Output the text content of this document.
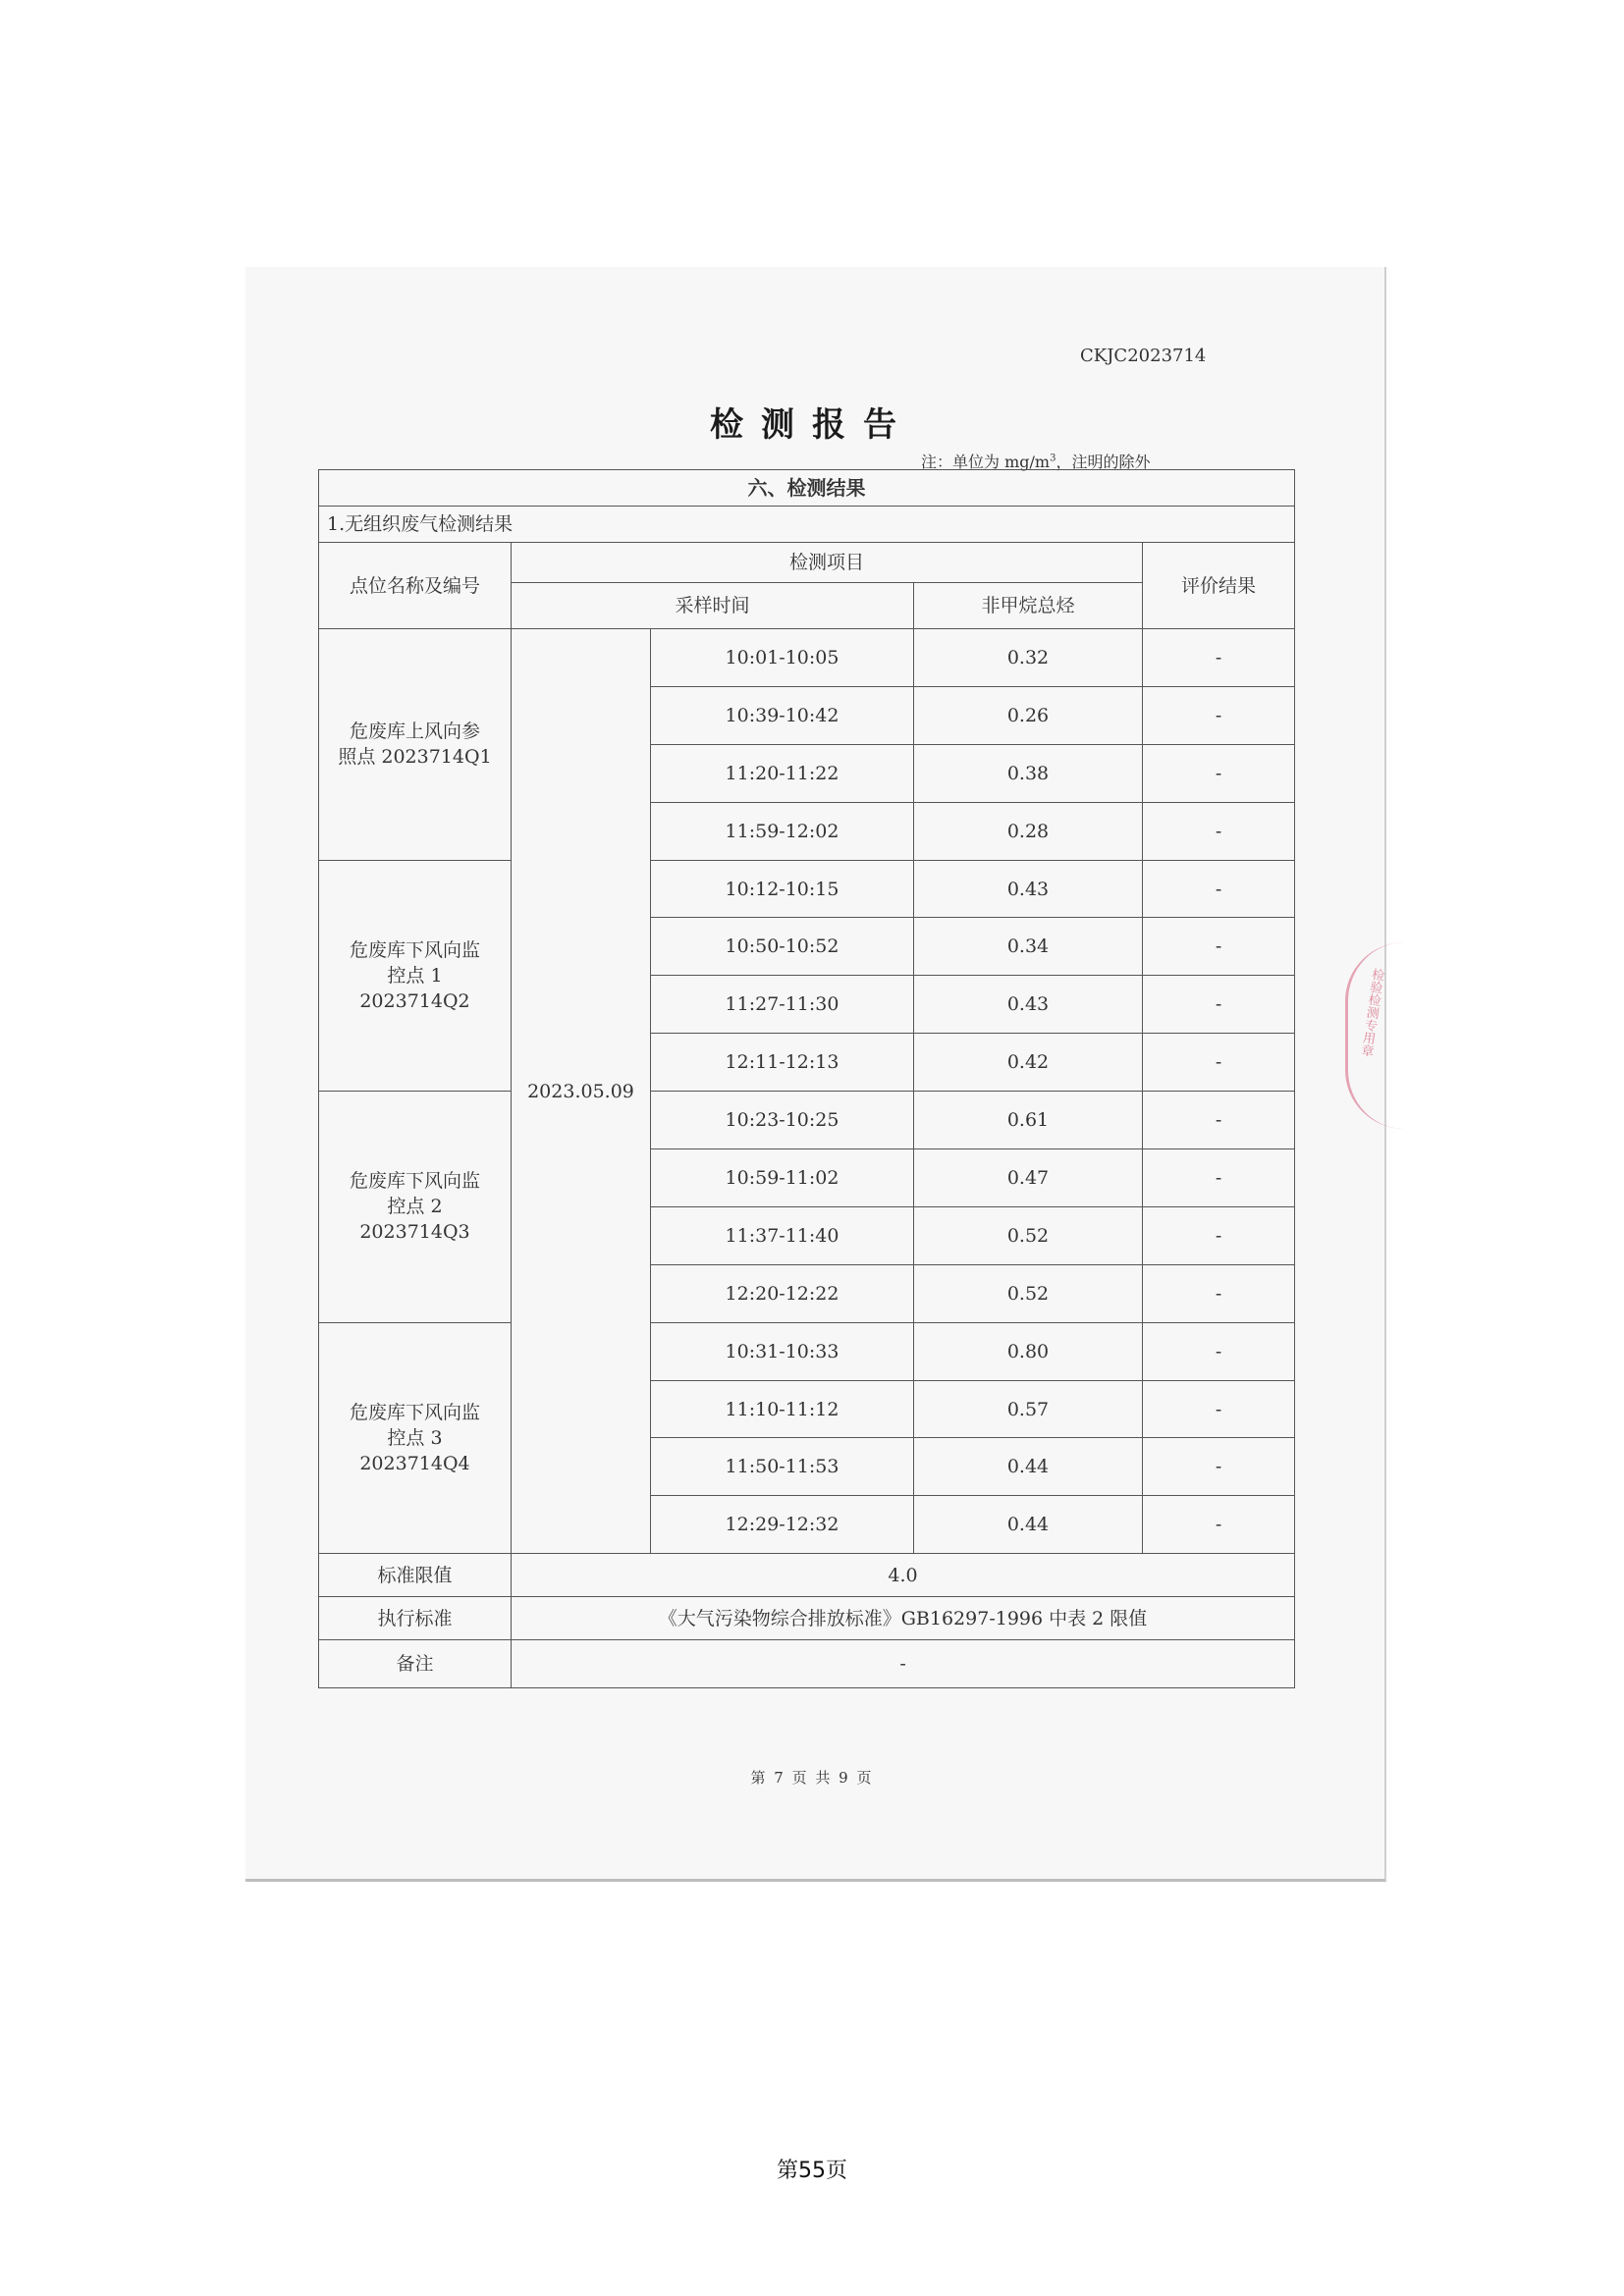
CKJC2023714
检测报告
注：单位为 $mg/m^3$，注明的除外
六、检测结果				
1.无组织废气检测结果				
点位名称及编号	检测项目			评价结果
	采样时间		非甲烷总烃	

危废库上风向参
照点 2023714Q1	2023.05.09	10:01-10:05	0.32	-
		10:39-10:42	0.26	-
		11:20-11:22	0.38	-
		11:59-12:02	0.28	-

危废库下风向监
控点 1
2023714Q2		10:12-10:15	0.43	-
		10:50-10:52	0.34	-
		11:27-11:30	0.43	-
		12:11-12:13	0.42	-

危废库下风向监
控点 2
2023714Q3		10:23-10:25	0.61	-
		10:59-11:02	0.47	-
		11:37-11:40	0.52	-
		12:20-12:22	0.52	-

危废库下风向监
控点 3
2023714Q4		10:31-10:33	0.80	-
		11:10-11:12	0.57	-
		11:50-11:53	0.44	-
		12:29-12:32	0.44	-
标准限值	4.0			
执行标准	《大气污染物综合排放标准》GB16297-1996 中表 2 限值			
备注	-			
检验检测专用章
第 7 页 共 9 页
第55页
